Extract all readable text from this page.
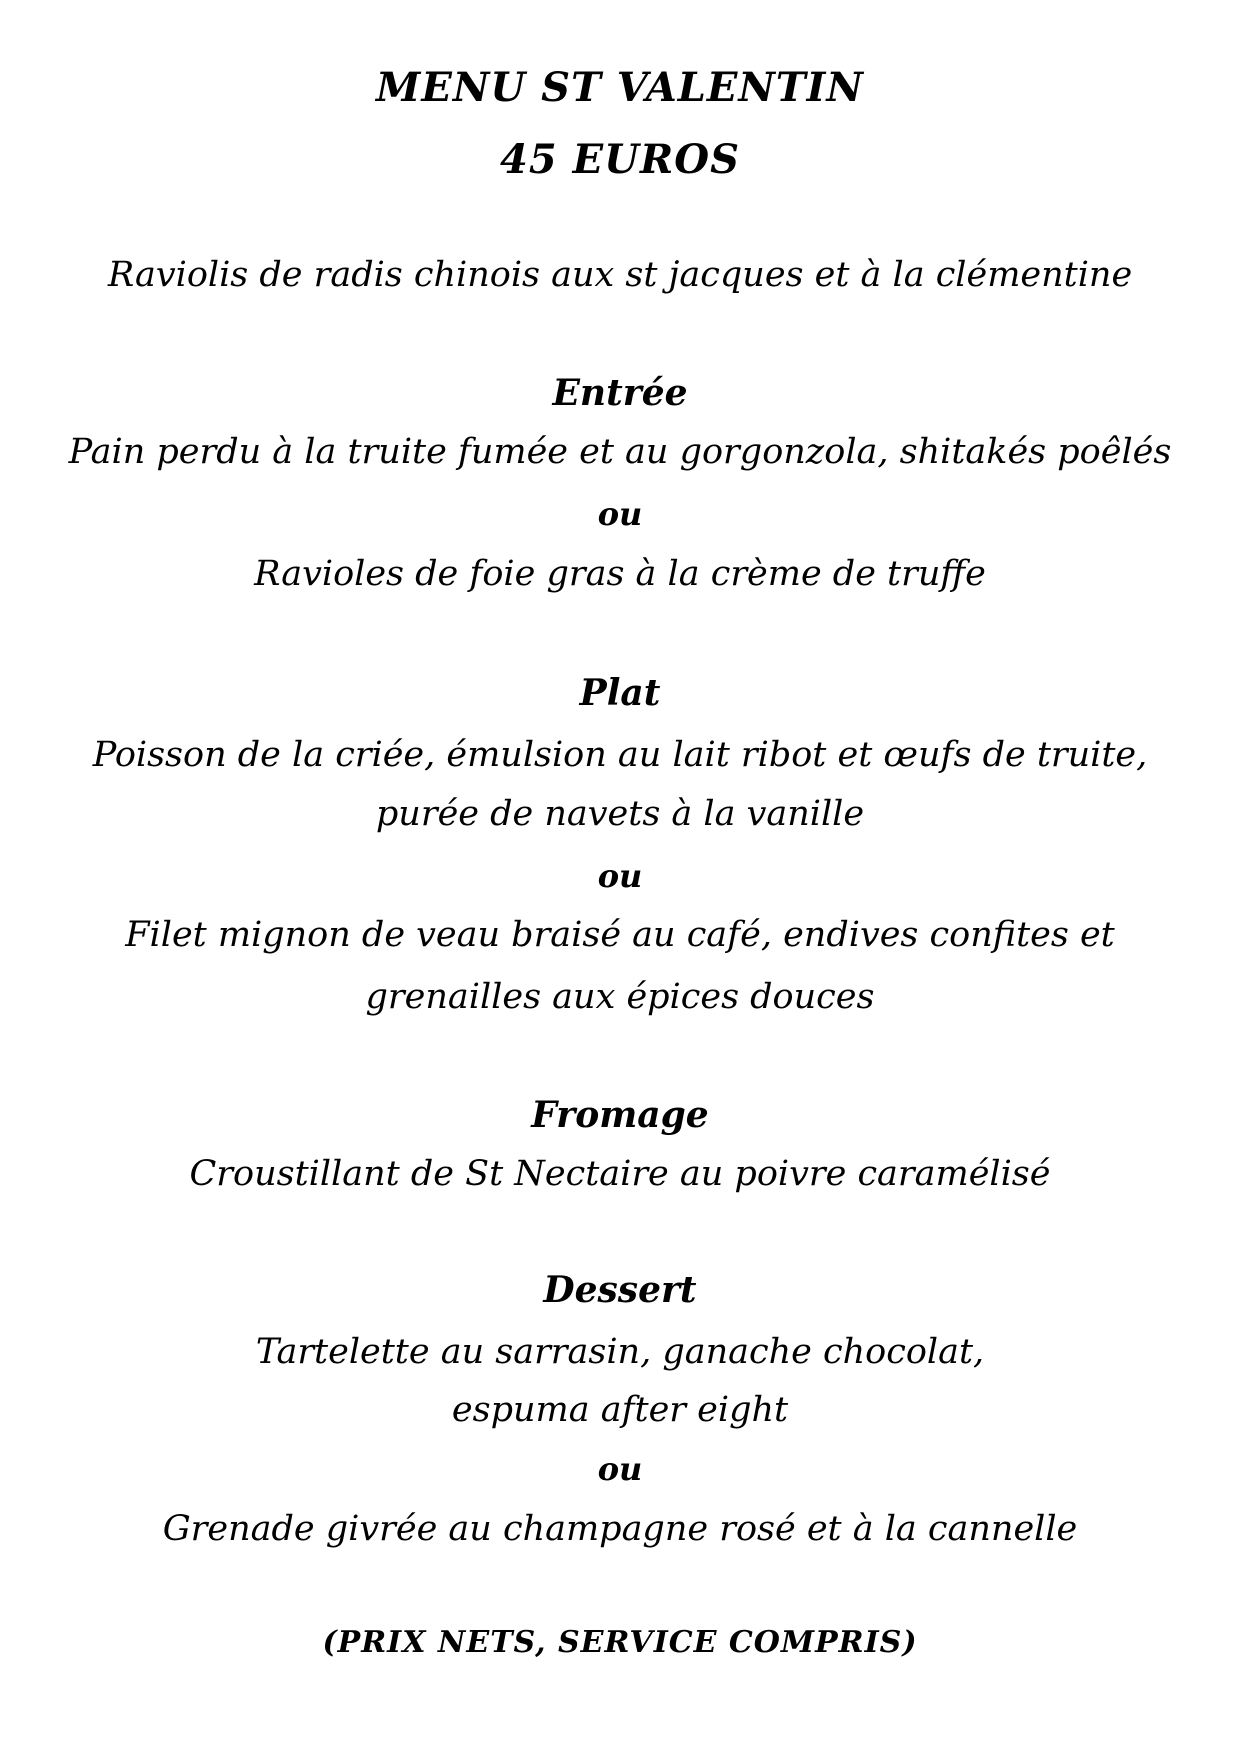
MENU ST VALENTIN
45 EUROS
Raviolis de radis chinois aux st jacques et à la clémentine
Entrée
Pain perdu à la truite fumée et au gorgonzola, shitakés poêlés
ou
Ravioles de foie gras à la crème de truffe
Plat
Poisson de la criée, émulsion au lait ribot et œufs de truite,
purée de navets à la vanille
ou
Filet mignon de veau braisé au café, endives confites et
grenailles aux épices douces
Fromage
Croustillant de St Nectaire au poivre caramélisé
Dessert
Tartelette au sarrasin, ganache chocolat,
espuma after eight
ou
Grenade givrée au champagne rosé et à la cannelle
(PRIX NETS, SERVICE COMPRIS)
